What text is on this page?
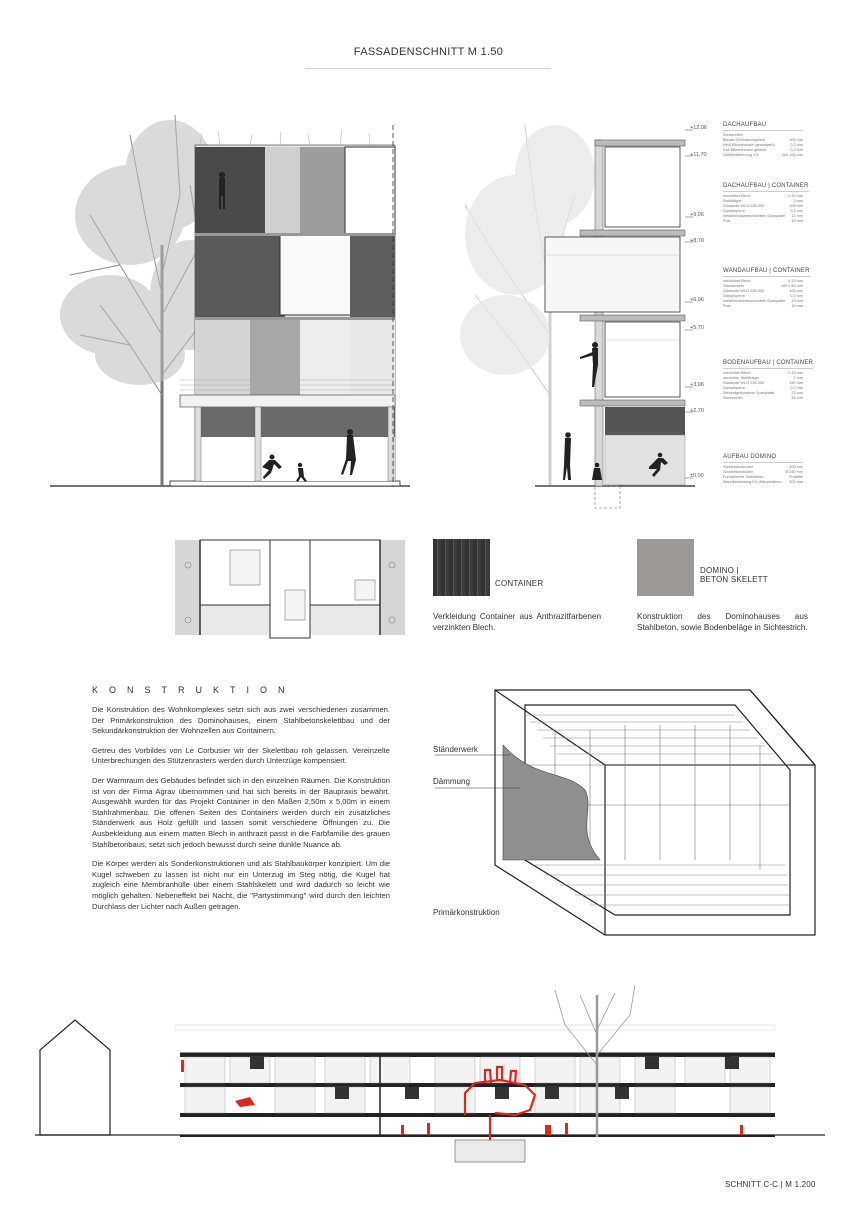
FASSADENSCHNITT M 1.50
+12,06
+11,70
+9,06
+8,70
+6,06
+5,70
+3,06
+2,70
±0,00
DACHAUFBAU
Kiesstreifen
Bauder Gründachsystem	100 mm
Heiß Bitumenbahn geschweißt	0,2 mm
Kalt Bitumenbahn geklebt	0,2 mm
Gefälledämmung 2%	200-100 mm
DACHAUFBAU | CONTAINER
verzinktes Blech	0,15 mm
Stahlträger	2 mm
Glaswolle WLG 035-032	100 mm
Dampfsperre	0,2 mm
melaminharzbeschichtete Spanplatte 13 mm
Putz	15 mm
WANDAUFBAU | CONTAINER
verzinktes Blech	0,15 mm
Ständerwerk	100 x 50 mm
Glaswolle WLG 035-032	100 mm
Dampfsperre	0,2 mm
melaminharzbeschichtete Spanplatte 13 mm
Putz	15 mm
BODENAUFBAU | CONTAINER
verzinktes Blech	0,15 mm
verzinkter Stahlträger	2 mm
Glaswolle WLG 035-032	130 mm
Dampfsperre	0,2 mm
Zementgebundene Spanplatte	22 mm
Sichtestrich	45 mm
AUFBAU DOMINO
Stahlbetondecken	200 mm
Stahlbetonstützen	Ø 240 mm
Fundamente Stahlbeton	Frostfrei
Wandbekleidung EG Wärmedämm 300 mm
CONTAINER
Verkleidung Container aus Anthrazitfarbenen verzinkten Blech.
DOMINO |
BETON SKELETT
Konstruktion des Dominohauses aus Stahlbeton, sowie Bodenbeläge in Sichtestrich.
KONSTRUKTION

Die Konstruktion des Wohnkomplexes setzt sich aus zwei verschiedenen zusammen. Der Primärkonstruktion des Dominohauses, einem Stahlbetonskelettbau und der Sekundärkonstruktion der Wohnzellen aus Containern.

Getreu des Vorbildes von Le Corbusier wir der Skelettbau roh gelassen. Vereinzelte Unterbrechungen des Stützenrasters werden durch Unterzüge kompensiert.

Der Warmraum des Gebäudes befindet sich in den einzelnen Räumen. Die Konstruktion ist von der Firma Agrav übernommen und hat sich bereits in der Baupraxis bewährt. Ausgewählt wurden für das Projekt Container in den Maßen 2,50m x 5,00m in einem Stahlrahmenbau. Die offenen Seiten des Containers werden durch ein zusätzliches Ständerwerk aus Holz gefüllt und lassen somit verschiedene Öffnungen zu. Die Ausbekleidung aus einem matten Blech in anthrazit passt in die Farbfamilie des grauen Stahlbetonbaus, setzt sich jedoch bewusst durch seine dunkle Nuance ab.

Die Körper werden als Sonderkonstruktionen und als Stahlbaukörper konzipiert. Um die Kugel schweben zu lassen ist nicht nur ein Unterzug im Steg nötig, die Kugel hat zugleich eine Membranhülle über einem Stahlskelett und wird dadurch so leicht wie möglich gehalten. Nebeneffekt bei Nacht, die "Partystimmung" wird durch den leichten Durchlass der Lichter nach Außen getragen.

Ständerwerk
Dämmung
Primärkonstruktion
SCHNITT C-C | M 1.200
